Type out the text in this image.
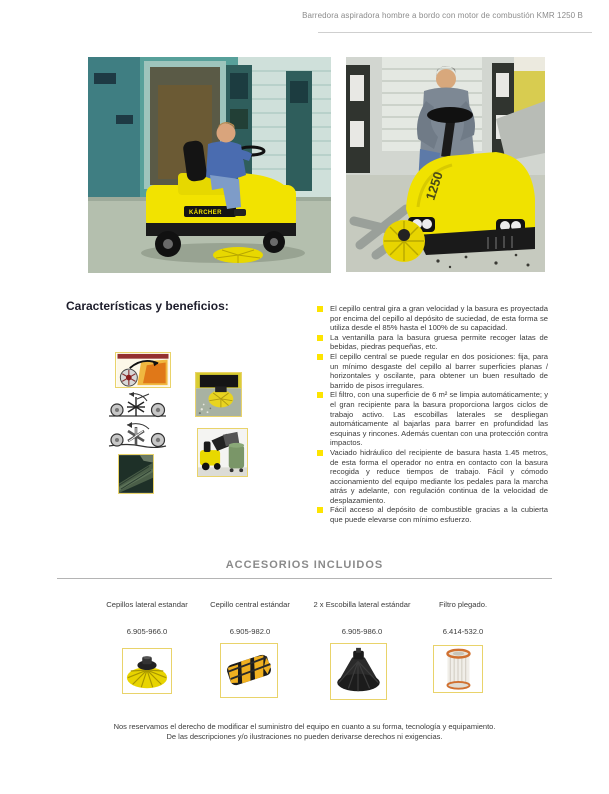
Barredora aspiradora hombre a bordo con motor de combustión KMR 1250 B
KÄRCHER
1250
Características y beneficios:	El cepillo central gira a gran velocidad y la basura es proyectada por encima del cepillo al depósito de suciedad, de esta forma se utiliza desde el 85% hasta el 100% de su capacidad.
La ventanilla para la basura gruesa permite recoger latas de bebidas, piedras pequeñas, etc.
El cepillo central se puede regular en dos posiciones: fija, para un mínimo desgaste del cepillo al barrer superficies planas / horizontales y oscilante, para obtener un buen resultado de barrido de pisos irregulares.
El filtro, con una superficie de 6 m² se limpia automáticamente; y el gran recipiente para la basura proporciona largos ciclos de trabajo activo. Las escobillas laterales se despliegan automáticamente al bajarlas para barrer en profundidad las esquinas y rincones. Además cuentan con una protección contra impactos.
Vaciado hidráulico del recipiente de basura hasta 1.45 metros, de esta forma el operador no entra en contacto con la basura recogida y reduce tiempos de trabajo. Fácil y cómodo accionamiento del equipo mediante los pedales para la marcha atrás y adelante, con regulación continua de la velocidad de desplazamiento.
Fácil acceso al depósito de combustible gracias a la cubierta que puede elevarse con mínimo esfuerzo.
ACCESORIOS INCLUIDOS
Cepillos lateral estandar
6.905-966.0
Cepillo central estándar
6.905-982.0
2 x Escobilla lateral estándar
6.905-986.0
Filtro plegado.
6.414-532.0
Nos reservamos el derecho de modificar el suministro del equipo en cuanto a su forma, tecnología y equipamiento.
De las descripciones y/o ilustraciones no pueden derivarse derechos ni exigencias.
